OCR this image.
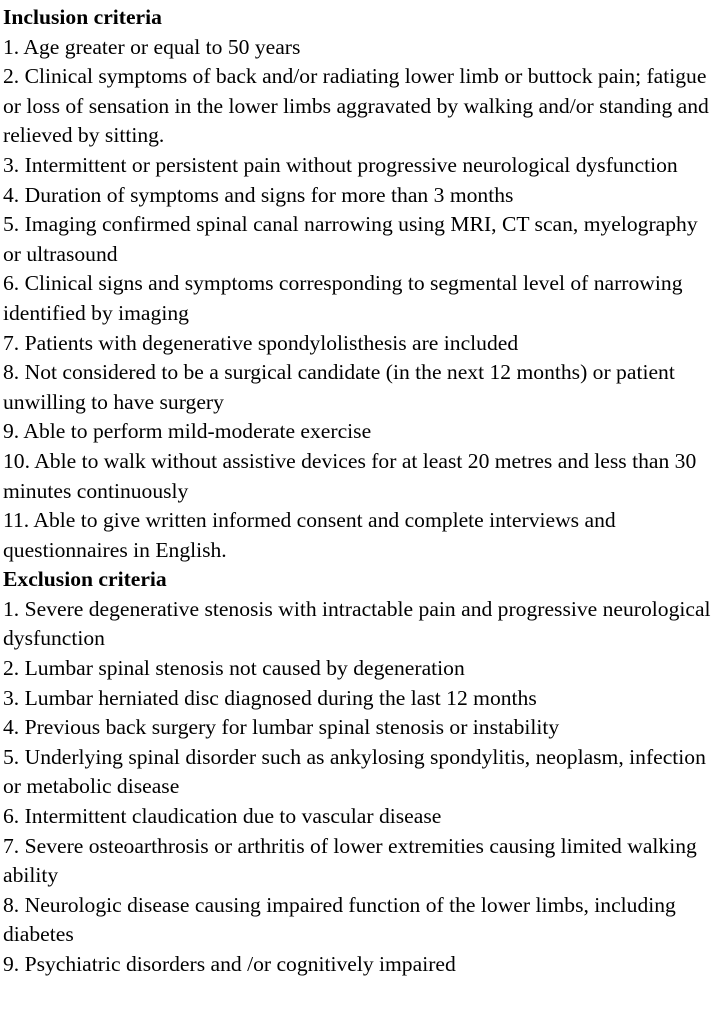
Inclusion criteria
1. Age greater or equal to 50 years
2. Clinical symptoms of back and/or radiating lower limb or buttock pain; fatigue or loss of sensation in the lower limbs aggravated by walking and/or standing and relieved by sitting.
3. Intermittent or persistent pain without progressive neurological dysfunction
4. Duration of symptoms and signs for more than 3 months
5. Imaging confirmed spinal canal narrowing using MRI, CT scan, myelography or ultrasound
6. Clinical signs and symptoms corresponding to segmental level of narrowing identified by imaging
7. Patients with degenerative spondylolisthesis are included
8. Not considered to be a surgical candidate (in the next 12 months) or patient unwilling to have surgery
9. Able to perform mild-moderate exercise
10. Able to walk without assistive devices for at least 20 metres and less than 30 minutes continuously
11. Able to give written informed consent and complete interviews and questionnaires in English.
Exclusion criteria
1. Severe degenerative stenosis with intractable pain and progressive neurological dysfunction
2. Lumbar spinal stenosis not caused by degeneration
3. Lumbar herniated disc diagnosed during the last 12 months
4. Previous back surgery for lumbar spinal stenosis or instability
5. Underlying spinal disorder such as ankylosing spondylitis, neoplasm, infection or metabolic disease
6. Intermittent claudication due to vascular disease
7. Severe osteoarthrosis or arthritis of lower extremities causing limited walking ability
8. Neurologic disease causing impaired function of the lower limbs, including diabetes
9. Psychiatric disorders and /or cognitively impaired
